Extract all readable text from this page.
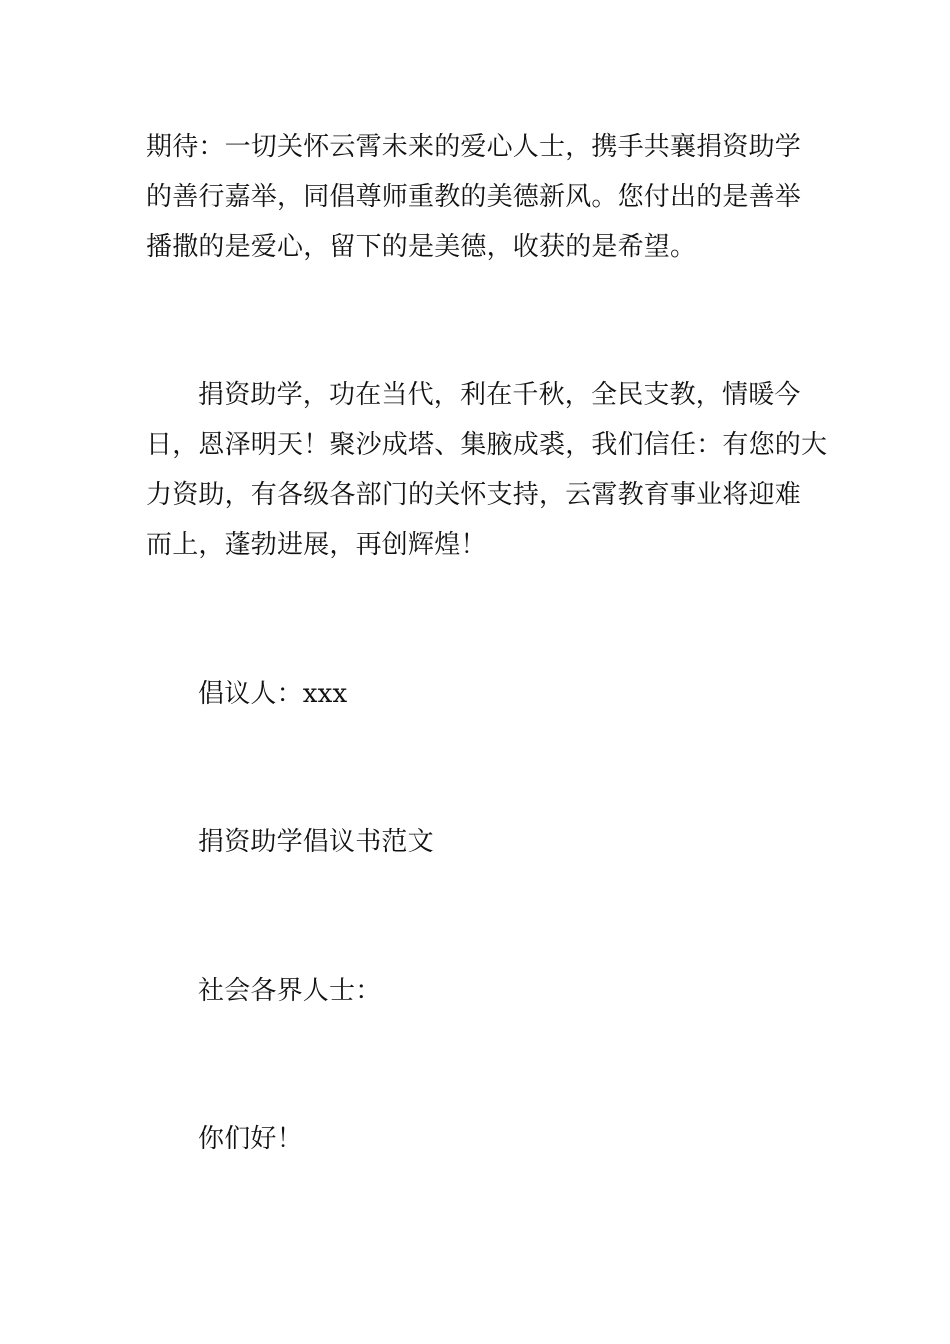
期待：一切关怀云霄未来的爱心人士，携手共襄捐资助学
的善行嘉举，同倡尊师重教的美德新风。您付出的是善举
播撒的是爱心，留下的是美德，收获的是希望。
捐资助学，功在当代，利在千秋，全民支教，情暖今
日，恩泽明天！聚沙成塔、集腋成裘，我们信任：有您的大
力资助，有各级各部门的关怀支持，云霄教育事业将迎难
而上，蓬勃进展，再创辉煌！
倡议人：xxx
捐资助学倡议书范文
社会各界人士：
你们好！
